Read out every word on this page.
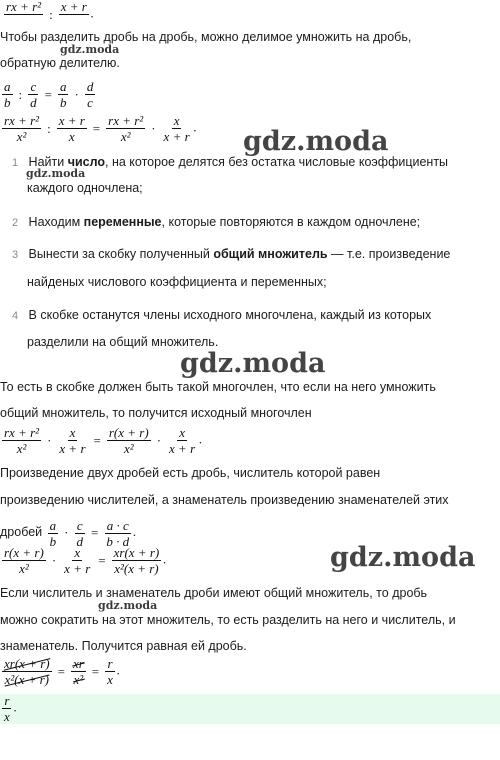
rx + r²
: x + r
.
Чтобы разделить дробь на дробь, можно делимое умножить на дробь,
gdz.moda
обратную делителю.
$\frac{a}{b}$ : $\frac{c}{d} = \frac{a}{b} \cdot \frac{d}{c}$
$\frac{\text{rx + r²}}{\text{x²}}$ : $\frac{x + r}{x} = \frac{\text{rx + r²}}{\text{x²}} \cdot \frac{x}{x + r}$ . gdz.moda
1 Найти число, на которое делятся без остатка числовые коэффициенты
gdz.moda
каждого одночлена;
2 Находим переменные, которые повторяются в каждом одночлене;
3 Вынести за скобку полученный общий множитель — т.е. произведение
найденых числового коэффициента и переменных;
4 В скобке останутся члены исходного многочлена, каждый из которых
разделили на общий множитель.
gdz.moda
То есть в скобке должен быть такой многочлен, что если на него умножить
общий множитель, то получится исходный многочлен
$\frac{\text{rx + r²}}{\text{x²}} \cdot \frac{x}{x + r} = \frac{r(x + r)}{\text{x²}} \cdot \frac{x}{x + r}$ .
Произведение двух дробей есть дробь, числитель которой равен
произведению числителей, а знаменатель произведению знаменателей этих
дробей $\frac{a}{b} \cdot \frac{c}{d} = \frac{a \cdot c}{b \cdot d}$ .
$\frac{r(x + r)}{\text{x²}} \cdot \frac{x}{x + r} = \frac{xr(x + r)}{\text{x²(x + r)}}$ .	gdz.moda
Если числитель и знаменатель дроби имеют общий множитель, то дробь
gdz.moda
можно сократить на этот множитель, то есть разделить на него и числитель, и
знаменатель. Получится равная ей дробь.
$\frac{xr(x + r)}{\text{x²(x + r)}} = \frac{xr}{\text{x²}} = \frac{r}{x}$ .
$\frac{r}{x}$ .
